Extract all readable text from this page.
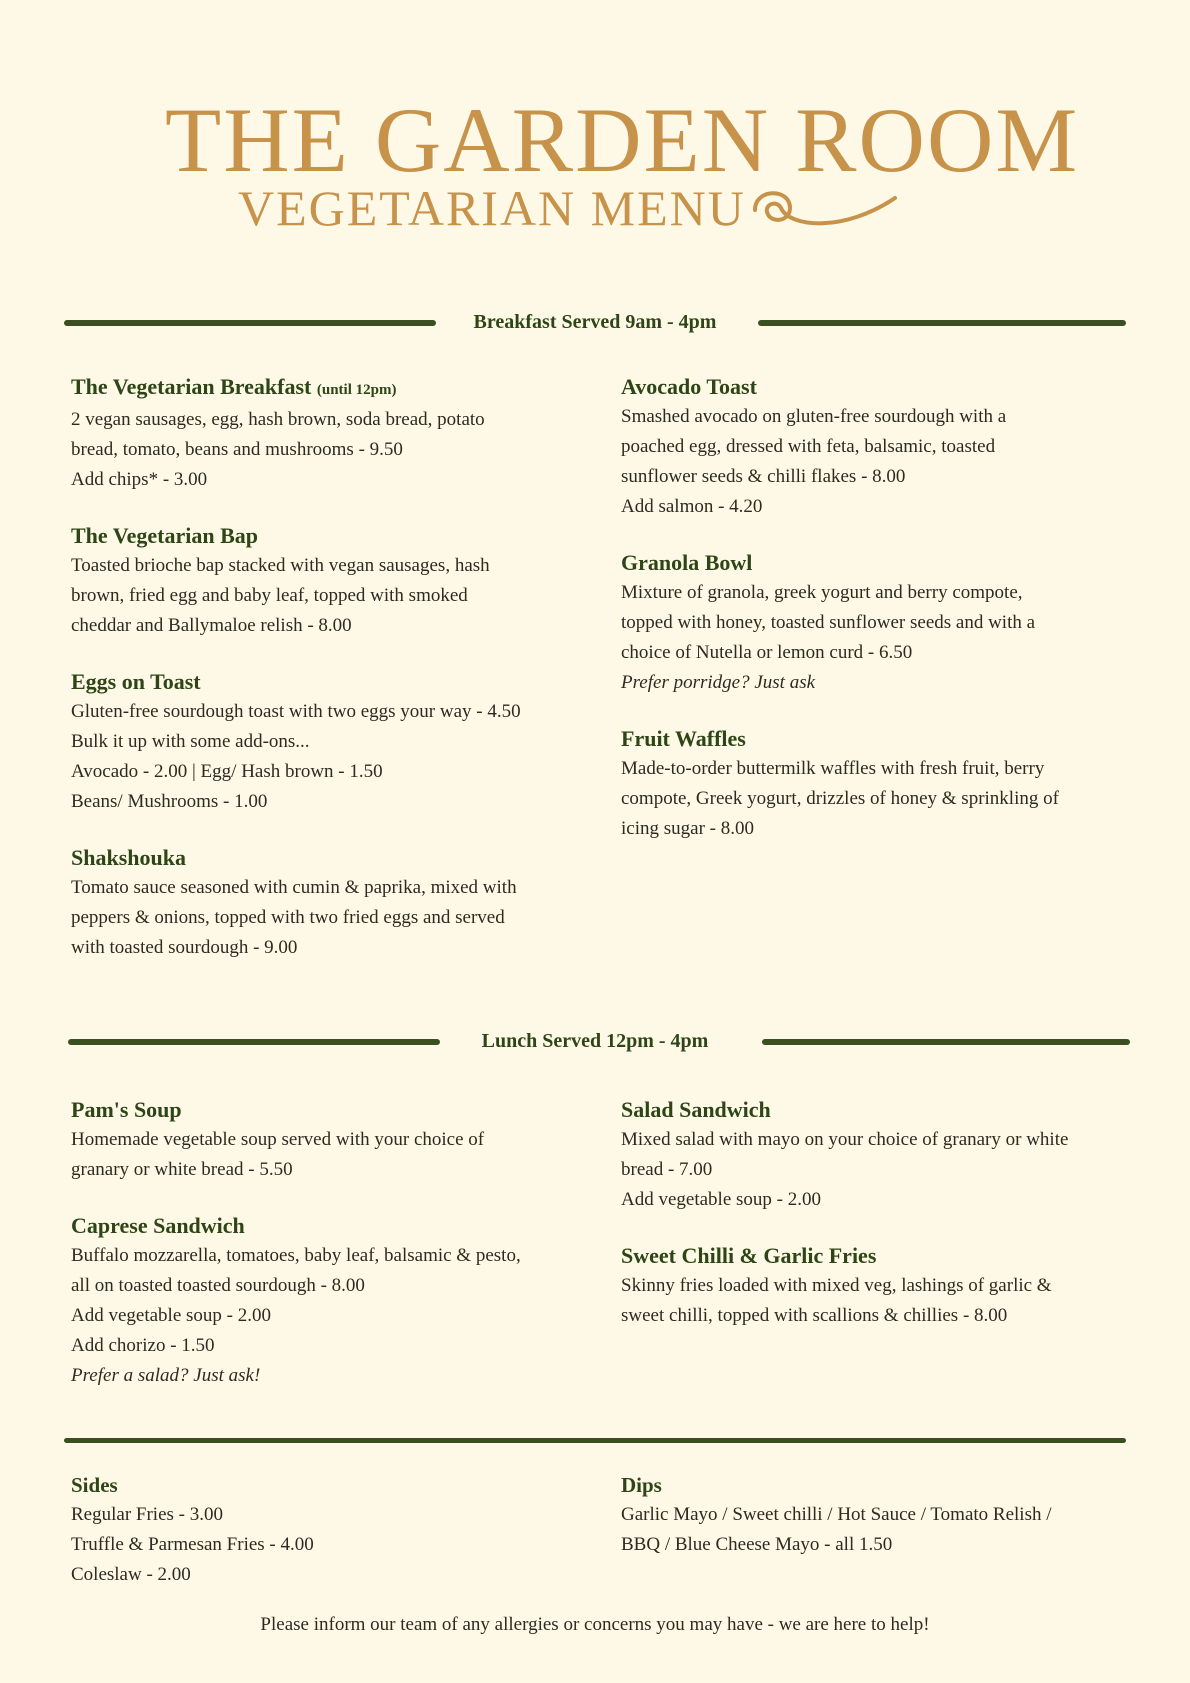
THE GARDEN ROOM
VEGETARIAN MENU
Breakfast Served 9am - 4pm
The Vegetarian Breakfast (until 12pm)
2 vegan sausages, egg, hash brown, soda bread, potato
bread, tomato, beans and mushrooms - 9.50
Add chips* - 3.00
The Vegetarian Bap
Toasted brioche bap stacked with vegan sausages, hash
brown, fried egg and baby leaf, topped with smoked
cheddar and Ballymaloe relish - 8.00
Eggs on Toast
Gluten-free sourdough toast with two eggs your way - 4.50
Bulk it up with some add-ons...
Avocado - 2.00 | Egg/ Hash brown - 1.50
Beans/ Mushrooms - 1.00
Shakshouka
Tomato sauce seasoned with cumin & paprika, mixed with
peppers & onions, topped with two fried eggs and served
with toasted sourdough - 9.00
Avocado Toast
Smashed avocado on gluten-free sourdough with a
poached egg, dressed with feta, balsamic, toasted
sunflower seeds & chilli flakes - 8.00
Add salmon - 4.20
Granola Bowl
Mixture of granola, greek yogurt and berry compote,
topped with honey, toasted sunflower seeds and with a
choice of Nutella or lemon curd - 6.50
Prefer porridge? Just ask
Fruit Waffles
Made-to-order buttermilk waffles with fresh fruit, berry
compote, Greek yogurt, drizzles of honey & sprinkling of
icing sugar - 8.00
Lunch Served 12pm - 4pm
Pam's Soup
Homemade vegetable soup served with your choice of
granary or white bread - 5.50
Caprese Sandwich
Buffalo mozzarella, tomatoes, baby leaf, balsamic & pesto,
all on toasted toasted sourdough - 8.00
Add vegetable soup - 2.00
Add chorizo - 1.50
Prefer a salad? Just ask!
Salad Sandwich
Mixed salad with mayo on your choice of granary or white
bread - 7.00
Add vegetable soup - 2.00
Sweet Chilli & Garlic Fries
Skinny fries loaded with mixed veg, lashings of garlic &
sweet chilli, topped with scallions & chillies - 8.00
Sides
Regular Fries - 3.00
Truffle & Parmesan Fries - 4.00
Coleslaw - 2.00
Dips
Garlic Mayo / Sweet chilli / Hot Sauce / Tomato Relish /
BBQ / Blue Cheese Mayo - all 1.50
Please inform our team of any allergies or concerns you may have - we are here to help!
